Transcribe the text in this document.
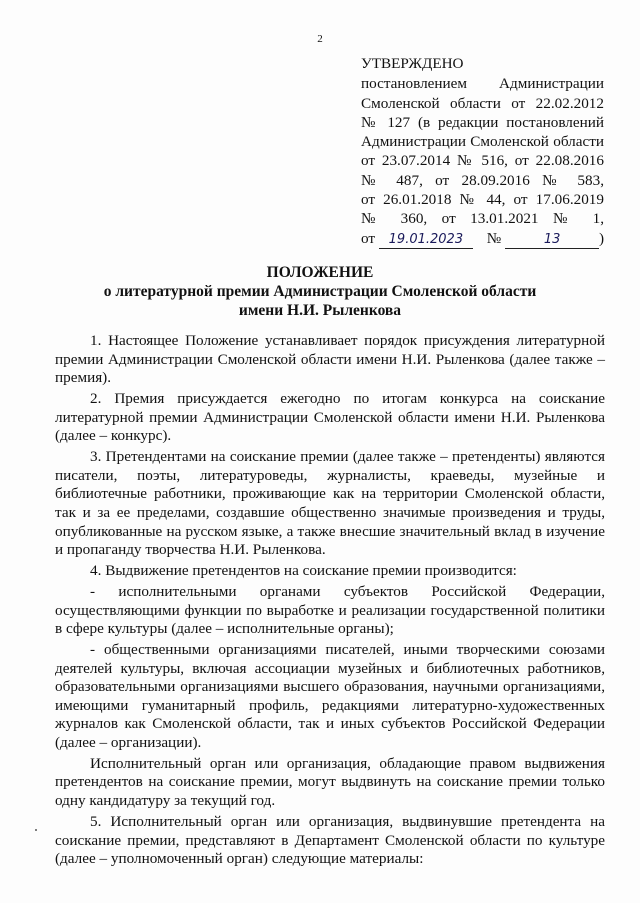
2
УТВЕРЖДЕНО
постановлением Администрации
Смоленской области от 22.02.2012
№ 127 (в редакции постановлений
Администрации Смоленской области
от 23.07.2014 № 516, от 22.08.2016
№ 487, от 28.09.2016 № 583,
от 26.01.2018 № 44, от 17.06.2019
№ 360, от 13.01.2021 № 1,
от	19.01.2023	№	13	)
ПОЛОЖЕНИЕ
о литературной премии Администрации Смоленской области
имени Н.И. Рыленкова

1. Настоящее Положение устанавливает порядок присуждения литературной премии Администрации Смоленской области имени Н.И. Рыленкова (далее также – премия).

2. Премия присуждается ежегодно по итогам конкурса на соискание литературной премии Администрации Смоленской области имени Н.И. Рыленкова (далее – конкурс).

3. Претендентами на соискание премии (далее также – претенденты) являются писатели, поэты, литературоведы, журналисты, краеведы, музейные и библиотечные работники, проживающие как на территории Смоленской области, так и за ее пределами, создавшие общественно значимые произведения и труды, опубликованные на русском языке, а также внесшие значительный вклад в изучение и пропаганду творчества Н.И. Рыленкова.

4. Выдвижение претендентов на соискание премии производится:

- исполнительными органами субъектов Российской Федерации, осуществляющими функции по выработке и реализации государственной политики в сфере культуры (далее – исполнительные органы);

- общественными организациями писателей, иными творческими союзами деятелей культуры, включая ассоциации музейных и библиотечных работников, образовательными организациями высшего образования, научными организациями, имеющими гуманитарный профиль, редакциями литературно-художественных журналов как Смоленской области, так и иных субъектов Российской Федерации (далее – организации).

Исполнительный орган или организация, обладающие правом выдвижения претендентов на соискание премии, могут выдвинуть на соискание премии только одну кандидатуру за текущий год.

5. Исполнительный орган или организация, выдвинувшие претендента на соискание премии, представляют в Департамент Смоленской области по культуре (далее – уполномоченный орган) следующие материалы:
